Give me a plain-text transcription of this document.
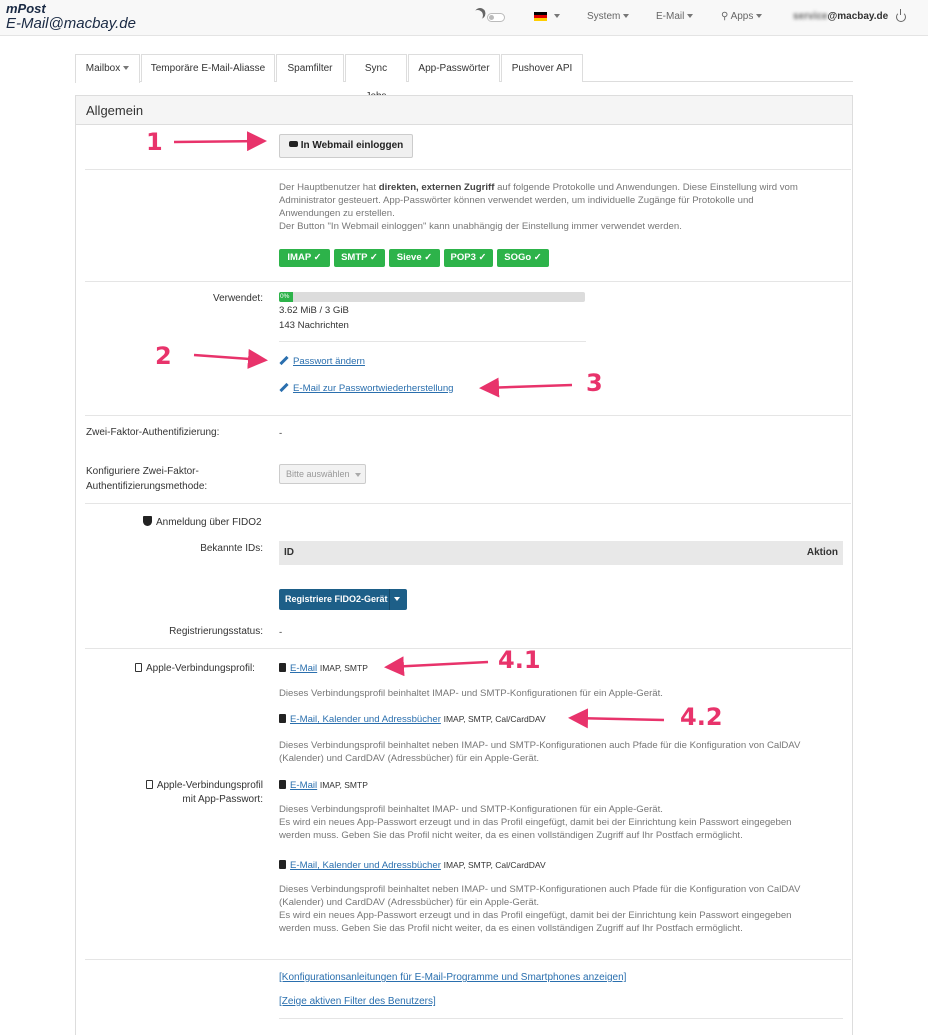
mPost
E-Mail@macbay.de	System	E-Mail	⚲ Apps	service@macbay.de
Mailbox	Temporäre E-Mail-Aliasse	Spamfilter	Sync	App-Passwörter	Pushover API
Allgemein
In Webmail einloggen
Der Hauptbenutzer hat direkten, externen Zugriff auf folgende Protokolle und Anwendungen. Diese Einstellung wird vom
Administrator gesteuert. App-Passwörter können verwendet werden, um individuelle Zugänge für Protokolle und
Anwendungen zu erstellen.
Der Button "In Webmail einloggen" kann unabhängig der Einstellung immer verwendet werden.
IMAP ✓	SMTP ✓	Sieve ✓	POP3 ✓	SOGo ✓
Verwendet:	0%
3.62 MiB / 3 GiB
143 Nachrichten
Passwort ändern
E-Mail zur Passwortwiederherstellung
Zwei-Faktor-Authentifizierung:	-
Konfiguriere Zwei-Faktor-
Authentifizierungsmethode:
Bitte auswählen
Anmeldung über FIDO2
Bekannte IDs: ID	Aktion
Registriere FIDO2-Gerät
Registrierungsstatus: -
Apple-Verbindungsprofil:	E-Mail IMAP, SMTP
Dieses Verbindungsprofil beinhaltet IMAP- und SMTP-Konfigurationen für ein Apple-Gerät.
E-Mail, Kalender und Adressbücher IMAP, SMTP, Cal/CardDAV
Dieses Verbindungsprofil beinhaltet neben IMAP- und SMTP-Konfigurationen auch Pfade für die Konfiguration von CalDAV
(Kalender) und CardDAV (Adressbücher) für ein Apple-Gerät.
Apple-Verbindungsprofil
mit App-Passwort:
E-Mail IMAP, SMTP
Dieses Verbindungsprofil beinhaltet IMAP- und SMTP-Konfigurationen für ein Apple-Gerät.
Es wird ein neues App-Passwort erzeugt und in das Profil eingefügt, damit bei der Einrichtung kein Passwort eingegeben
werden muss. Geben Sie das Profil nicht weiter, da es einen vollständigen Zugriff auf Ihr Postfach ermöglicht.
E-Mail, Kalender und Adressbücher IMAP, SMTP, Cal/CardDAV
Dieses Verbindungsprofil beinhaltet neben IMAP- und SMTP-Konfigurationen auch Pfade für die Konfiguration von CalDAV
(Kalender) und CardDAV (Adressbücher) für ein Apple-Gerät.
Es wird ein neues App-Passwort erzeugt und in das Profil eingefügt, damit bei der Einrichtung kein Passwort eingegeben
werden muss. Geben Sie das Profil nicht weiter, da es einen vollständigen Zugriff auf Ihr Postfach ermöglicht.
[Konfigurationsanleitungen für E-Mail-Programme und Smartphones anzeigen]
[Zeige aktiven Filter des Benutzers]
1
2
3
4.1
4.2
